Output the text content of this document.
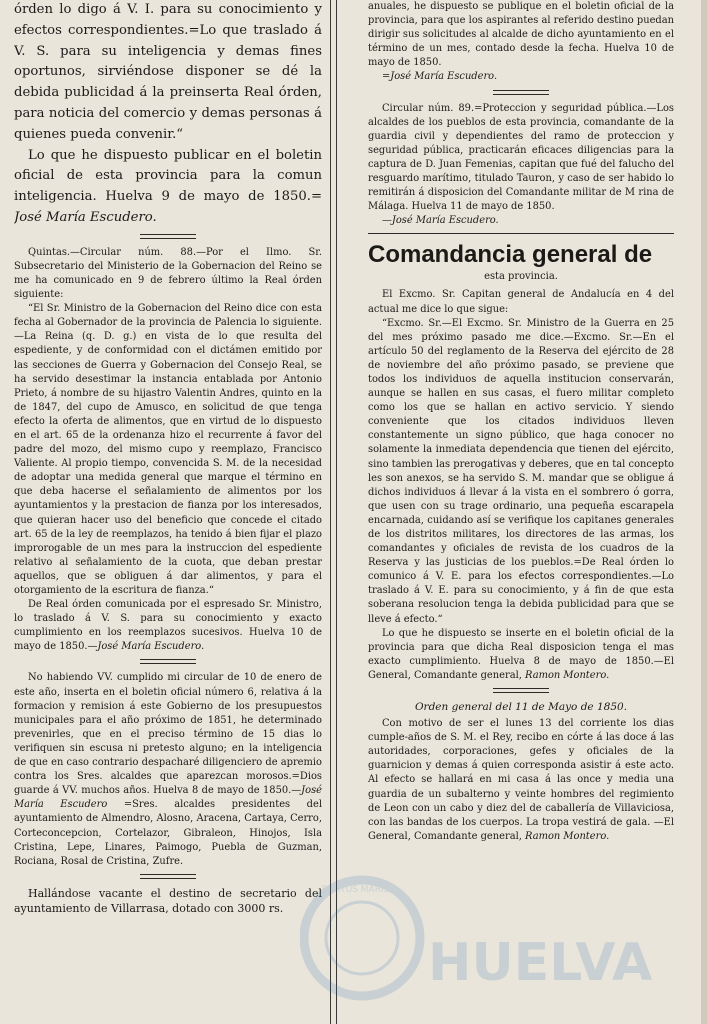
órden lo digo á V. I. para su conocimiento y efectos correspondientes.=Lo que traslado á V. S. para su inteligencia y demas fines oportunos, sirviéndose disponer se dé la debida publicidad á la preinserta Real órden, para noticia del comercio y demas personas á quienes pueda convenir.“

Lo que he dispuesto publicar en el boletin oficial de esta provincia para la comun inteligencia. Huelva 9 de mayo de 1850.= José María Escudero.

Quintas.—Circular núm. 88.—Por el Ilmo. Sr. Subsecretario del Ministerio de la Gobernacion del Reino se me ha comunicado en 9 de febrero último la Real órden siguiente:

“El Sr. Ministro de la Gobernacion del Reino dice con esta fecha al Gobernador de la provincia de Palencia lo siguiente.—La Reina (q. D. g.) en vista de lo que resulta del espediente, y de conformidad con el dictámen emitido por las secciones de Guerra y Gobernacion del Consejo Real, se ha servido desestimar la instancia entablada por Antonio Prieto, á nombre de su hijastro Valentin Andres, quinto en la de 1847, del cupo de Amusco, en solicitud de que tenga efecto la oferta de alimentos, que en virtud de lo dispuesto en el art. 65 de la ordenanza hizo el recurrente á favor del padre del mozo, del mismo cupo y reemplazo, Francisco Valiente. Al propio tiempo, convencida S. M. de la necesidad de adoptar una medida general que marque el término en que deba hacerse el señalamiento de alimentos por los ayuntamientos y la prestacion de fianza por los interesados, que quieran hacer uso del beneficio que concede el citado art. 65 de la ley de reemplazos, ha tenido á bien fijar el plazo improrogable de un mes para la instruccion del espediente relativo al señalamiento de la cuota, que deban prestar aquellos, que se obliguen á dar alimentos, y para el otorgamiento de la escritura de fianza.“

De Real órden comunicada por el espresado Sr. Ministro, lo traslado á V. S. para su conocimiento y exacto cumplimiento en los reemplazos sucesivos. Huelva 10 de mayo de 1850.—José María Escudero.

No habiendo VV. cumplido mi circular de 10 de enero de este año, inserta en el boletin oficial número 6, relativa á la formacion y remision á este Gobierno de los presupuestos municipales para el año próximo de 1851, he determinado prevenirles, que en el preciso término de 15 dias lo verifiquen sin escusa ni pretesto alguno; en la inteligencia de que en caso contrario despacharé diligenciero de apremio contra los Sres. alcaldes que aparezcan morosos.=Dios guarde á VV. muchos años. Huelva 8 de mayo de 1850.—José María Escudero =Sres. alcaldes presidentes del ayuntamiento de Almendro, Alosno, Aracena, Cartaya, Cerro, Corteconcepcion, Cortelazor, Gibraleon, Hinojos, Isla Cristina, Lepe, Linares, Paimogo, Puebla de Guzman, Rociana, Rosal de Cristina, Zufre.

Hallándose vacante el destino de secretario del ayuntamiento de Villarrasa, dotado con 3000 rs.

anuales, he dispuesto se publique en el boletin oficial de la provincia, para que los aspirantes al referido destino puedan dirigir sus solicitudes al alcalde de dicho ayuntamiento en el término de un mes, contado desde la fecha. Huelva 10 de mayo de 1850.

=José María Escudero.

Circular núm. 89.=Proteccion y seguridad pública.—Los alcaldes de los pueblos de esta provincia, comandante de la guardia civil y dependientes del ramo de proteccion y seguridad pública, practicarán eficaces diligencias para la captura de D. Juan Femenias, capitan que fué del falucho del resguardo marítimo, titulado Tauron, y caso de ser habido lo remitirán á disposicion del Comandante militar de M rina de Málaga. Huelva 11 de mayo de 1850.

—José María Escudero.

Comandancia general de
esta provincia.

El Excmo. Sr. Capitan general de Andalucía en 4 del actual me dice lo que sigue:

“Excmo. Sr.—El Excmo. Sr. Ministro de la Guerra en 25 del mes próximo pasado me dice.—Excmo. Sr.—En el artículo 50 del reglamento de la Reserva del ejército de 28 de noviembre del año próximo pasado, se previene que todos los individuos de aquella institucion conservarán, aunque se hallen en sus casas, el fuero militar completo como los que se hallan en activo servicio. Y siendo conveniente que los citados individuos lleven constantemente un signo público, que haga conocer no solamente la inmediata dependencia que tienen del ejército, sino tambien las prerogativas y deberes, que en tal concepto les son anexos, se ha servido S. M. mandar que se obligue á dichos individuos á llevar á la vista en el sombrero ó gorra, que usen con su trage ordinario, una pequeña escarapela encarnada, cuidando así se verifique los capitanes generales de los distritos militares, los directores de las armas, los comandantes y oficiales de revista de los cuadros de la Reserva y las justicias de los pueblos.=De Real órden lo comunico á V. E. para los efectos correspondientes.—Lo traslado á V. E. para su conocimiento, y á fin de que esta soberana resolucion tenga la debida publicidad para que se lleve á efecto.“

Lo que he dispuesto se inserte en el boletin oficial de la provincia para que dicha Real disposicion tenga el mas exacto cumplimiento. Huelva 8 de mayo de 1850.—El General, Comandante general, Ramon Montero.

Orden general del 11 de Mayo de 1850.

Con motivo de ser el lunes 13 del corriente los dias cumple-años de S. M. el Rey, recibo en córte á las doce á las autoridades, corporaciones, gefes y oficiales de la guarnicion y demas á quien corresponda asistir á este acto. Al efecto se hallará en mi casa á las once y media una guardia de un subalterno y veinte hombres del regimiento de Leon con un cabo y diez del de caballería de Villaviciosa, con las bandas de los cuerpos. La tropa vestirá de gala. —El General, Comandante general, Ramon Montero.

PORTUS MARIS
HUELVA
